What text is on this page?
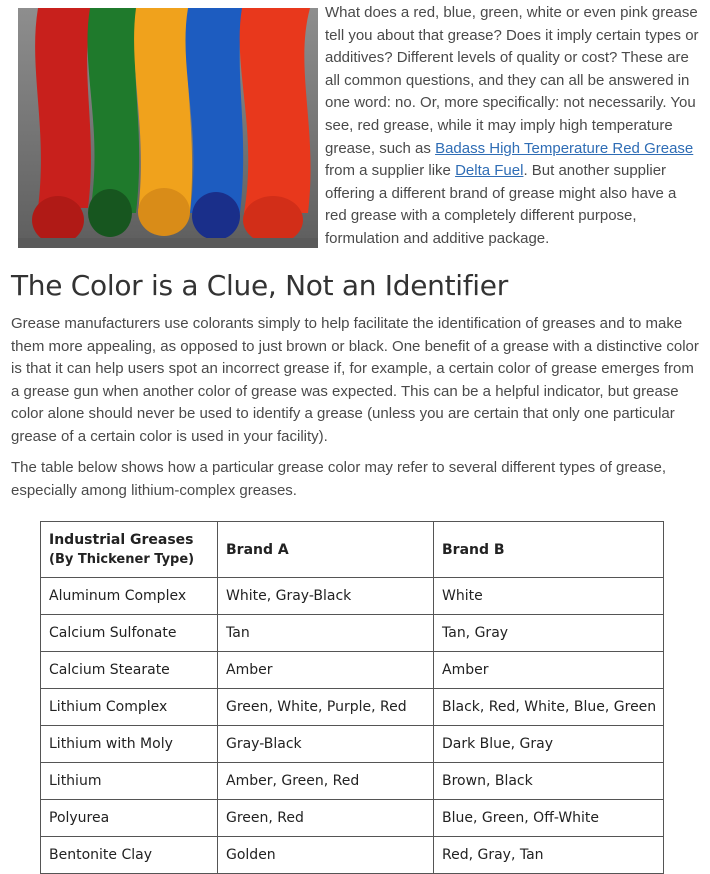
What does a red, blue, green, white or even pink grease tell you about that grease? Does it imply certain types or additives? Different levels of quality or cost? These are all common questions, and they can all be answered in one word: no. Or, more specifically: not necessarily. You see, red grease, while it may imply high temperature grease, such as Badass High Temperature Red Grease from a supplier like Delta Fuel. But another supplier offering a different brand of grease might also have a red grease with a completely different purpose, formulation and additive package.
The Color is a Clue, Not an Identifier

Grease manufacturers use colorants simply to help facilitate the identification of greases and to make them more appealing, as opposed to just brown or black. One benefit of a grease with a distinctive color is that it can help users spot an incorrect grease if, for example, a certain color of grease emerges from a grease gun when another color of grease was expected. This can be a helpful indicator, but grease color alone should never be used to identify a grease (unless you are certain that only one particular grease of a certain color is used in your facility).

The table below shows how a particular grease color may refer to several different types of grease, especially among lithium-complex greases.

Industrial Greases
(By Thickener Type)	Brand A	Brand B
Aluminum Complex	White, Gray-Black	White
Calcium Sulfonate	Tan	Tan, Gray
Calcium Stearate	Amber	Amber
Lithium Complex	Green, White, Purple, Red	Black, Red, White, Blue, Green
Lithium with Moly	Gray-Black	Dark Blue, Gray
Lithium	Amber, Green, Red	Brown, Black
Polyurea	Green, Red	Blue, Green, Off-White
Bentonite Clay	Golden	Red, Gray, Tan
